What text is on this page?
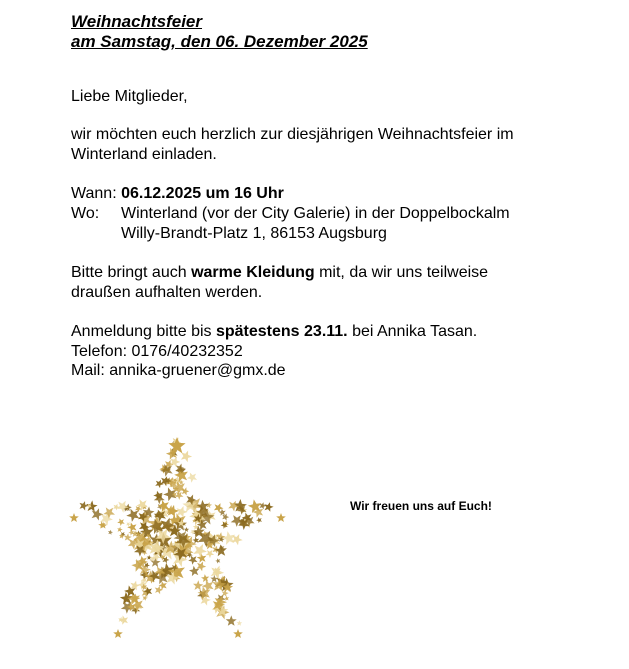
Weihnachtsfeier
am Samstag, den 06. Dezember 2025
Liebe Mitglieder,
wir möchten euch herzlich zur diesjährigen Weihnachtsfeier im
Winterland einladen.
Wann: 06.12.2025 um 16 Uhr
Wo: Winterland (vor der City Galerie) in der Doppelbockalm
Willy-Brandt-Platz 1, 86153 Augsburg
Bitte bringt auch warme Kleidung mit, da wir uns teilweise
draußen aufhalten werden.
Anmeldung bitte bis spätestens 23.11. bei Annika Tasan.
Telefon: 0176/40232352
Mail: annika-gruener@gmx.de
Wir freuen uns auf Euch!
